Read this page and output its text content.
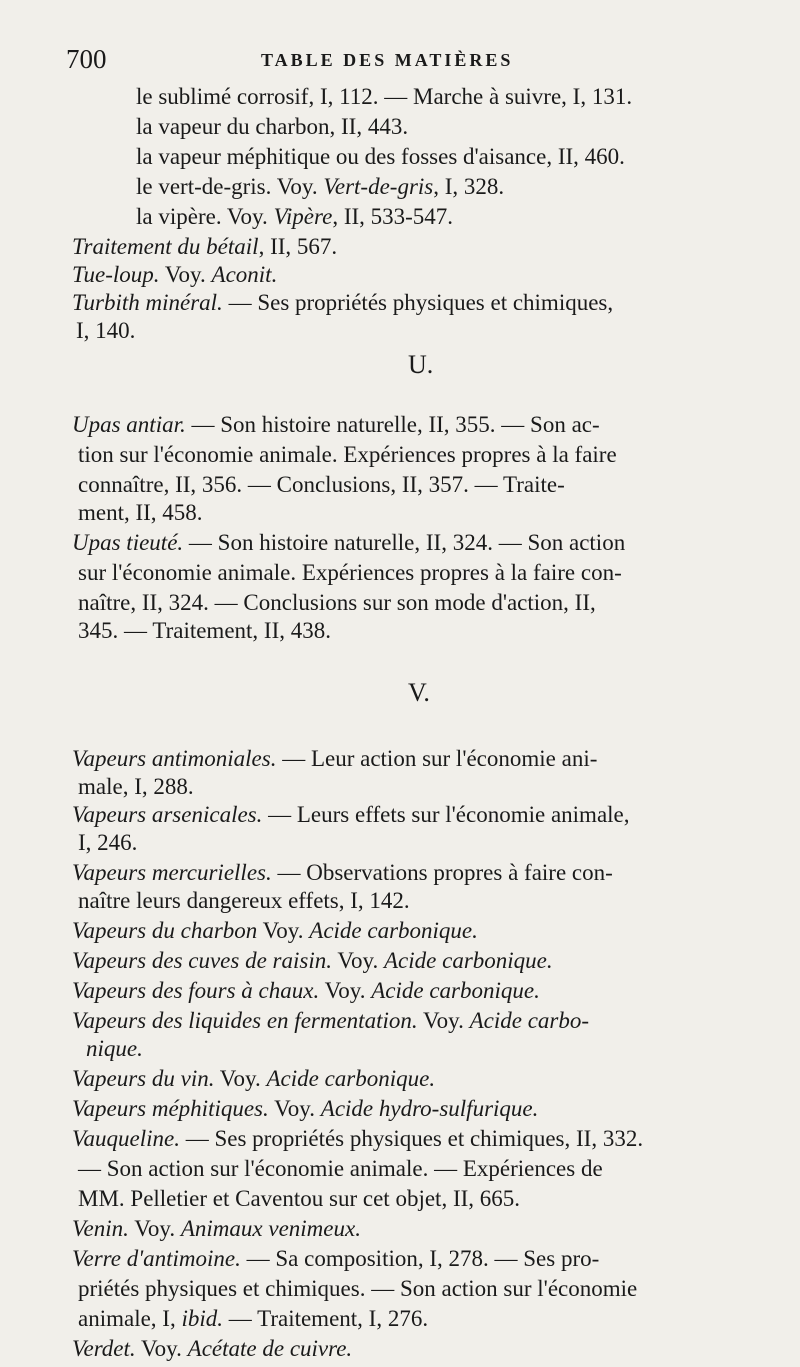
700	TABLE DES MATIÈRES
U.
V.
le sublimé corrosif, I, 112. — Marche à suivre, I, 131.
la vapeur du charbon, II, 443.
la vapeur méphitique ou des fosses d'aisance, II, 460.
le vert-de-gris. Voy. Vert-de-gris, I, 328.
la vipère. Voy. Vipère, II, 533-547.
Traitement du bétail, II, 567.
Tue-loup. Voy. Aconit.
Turbith minéral. — Ses propriétés physiques et chimiques,
I, 140.
Upas antiar. — Son histoire naturelle, II, 355. — Son ac-
tion sur l'économie animale. Expériences propres à la faire
connaître, II, 356. — Conclusions, II, 357. — Traite-
ment, II, 458.
Upas tieuté. — Son histoire naturelle, II, 324. — Son action
sur l'économie animale. Expériences propres à la faire con-
naître, II, 324. — Conclusions sur son mode d'action, II,
345. — Traitement, II, 438.
Vapeurs antimoniales. — Leur action sur l'économie ani-
male, I, 288.
Vapeurs arsenicales. — Leurs effets sur l'économie animale,
I, 246.
Vapeurs mercurielles. — Observations propres à faire con-
naître leurs dangereux effets, I, 142.
Vapeurs du charbon Voy. Acide carbonique.
Vapeurs des cuves de raisin. Voy. Acide carbonique.
Vapeurs des fours à chaux. Voy. Acide carbonique.
Vapeurs des liquides en fermentation. Voy. Acide carbo-
nique.
Vapeurs du vin. Voy. Acide carbonique.
Vapeurs méphitiques. Voy. Acide hydro-sulfurique.
Vauqueline. — Ses propriétés physiques et chimiques, II, 332.
— Son action sur l'économie animale. — Expériences de
MM. Pelletier et Caventou sur cet objet, II, 665.
Venin. Voy. Animaux venimeux.
Verre d'antimoine. — Sa composition, I, 278. — Ses pro-
priétés physiques et chimiques. — Son action sur l'économie
animale, I, ibid. — Traitement, I, 276.
Verdet. Voy. Acétate de cuivre.
